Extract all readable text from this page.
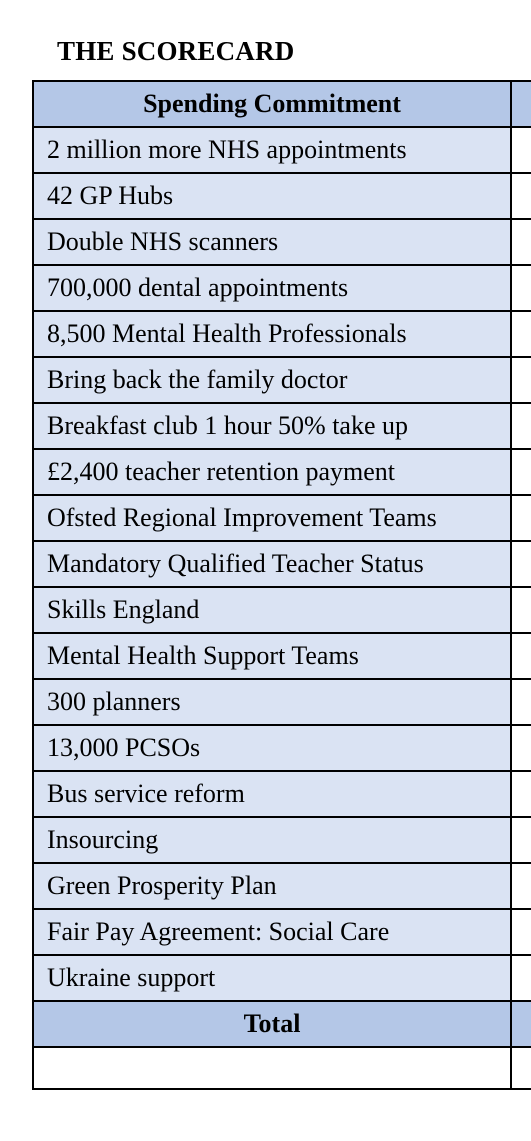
THE SCORECARD
Spending Commitment	
2 million more NHS appointments	
42 GP Hubs	
Double NHS scanners	
700,000 dental appointments	
8,500 Mental Health Professionals	
Bring back the family doctor	
Breakfast club 1 hour 50% take up	
£2,400 teacher retention payment	
Ofsted Regional Improvement Teams	
Mandatory Qualified Teacher Status	
Skills England	
Mental Health Support Teams	
300 planners	
13,000 PCSOs	
Bus service reform	
Insourcing	
Green Prosperity Plan	
Fair Pay Agreement: Social Care	
Ukraine support	
Total	
